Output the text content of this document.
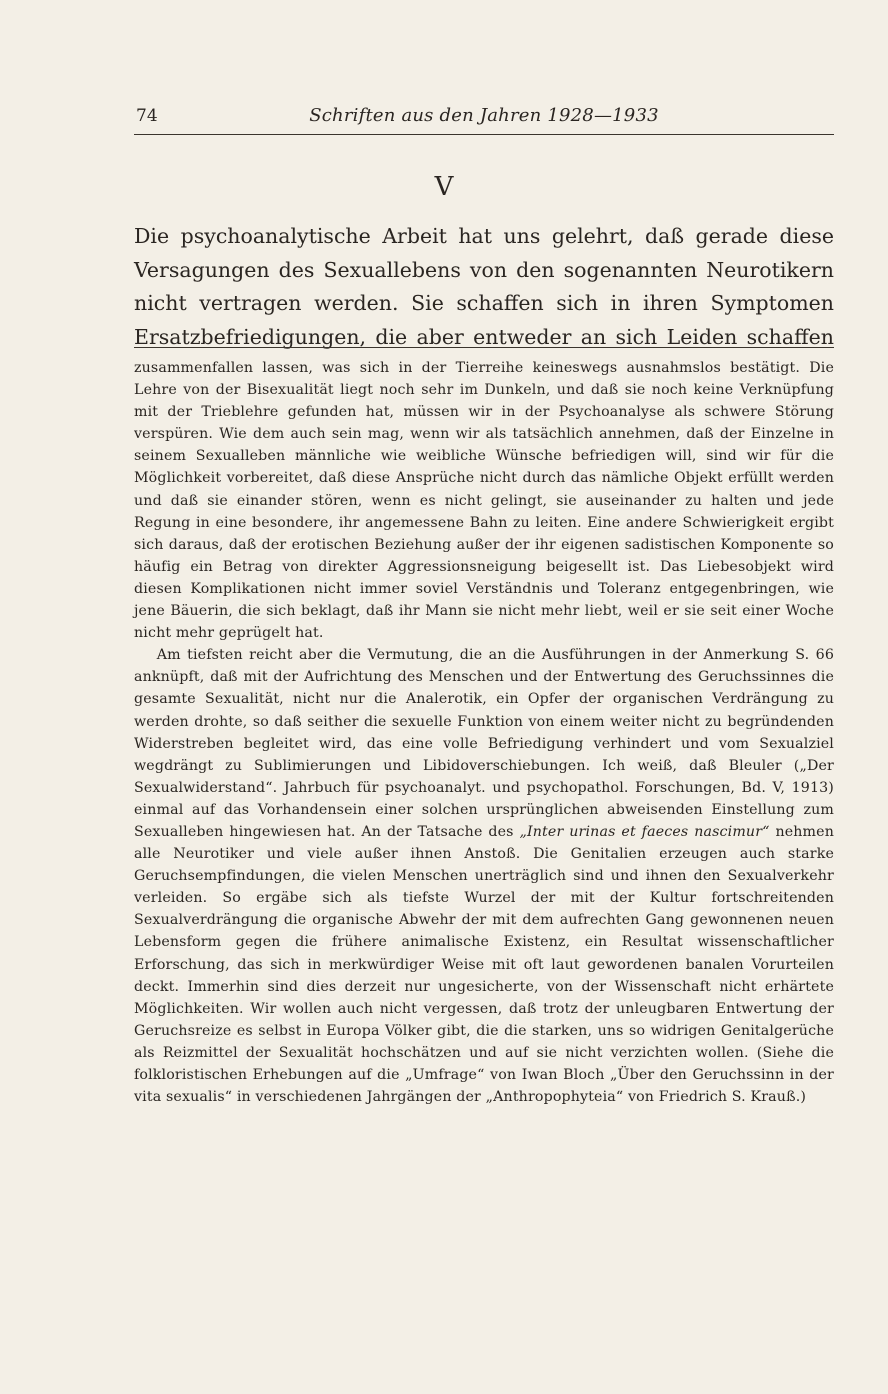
74	Schriften aus den Jahren 1928—1933
V

Die psychoanalytische Arbeit hat uns gelehrt, daß gerade diese Versagungen des Sexuallebens von den sogenannten Neurotikern nicht vertragen werden. Sie schaffen sich in ihren Symptomen Ersatzbefriedigungen, die aber entweder an sich Leiden schaffen

zusammenfallen lassen, was sich in der Tierreihe keineswegs ausnahmslos bestätigt. Die Lehre von der Bisexualität liegt noch sehr im Dunkeln, und daß sie noch keine Verknüpfung mit der Trieblehre gefunden hat, müssen wir in der Psychoanalyse als schwere Störung verspüren. Wie dem auch sein mag, wenn wir als tatsächlich annehmen, daß der Einzelne in seinem Sexualleben männliche wie weibliche Wünsche befriedigen will, sind wir für die Möglichkeit vorbereitet, daß diese Ansprüche nicht durch das nämliche Objekt erfüllt werden und daß sie einander stören, wenn es nicht gelingt, sie auseinander zu halten und jede Regung in eine besondere, ihr angemessene Bahn zu leiten. Eine andere Schwierigkeit ergibt sich daraus, daß der erotischen Beziehung außer der ihr eigenen sadistischen Komponente so häufig ein Betrag von direkter Aggressionsneigung beigesellt ist. Das Liebesobjekt wird diesen Komplikationen nicht immer soviel Verständnis und Toleranz entgegenbringen, wie jene Bäuerin, die sich beklagt, daß ihr Mann sie nicht mehr liebt, weil er sie seit einer Woche nicht mehr geprügelt hat.

Am tiefsten reicht aber die Vermutung, die an die Ausführungen in der Anmerkung S. 66 anknüpft, daß mit der Aufrichtung des Menschen und der Entwertung des Geruchssinnes die gesamte Sexualität, nicht nur die Analerotik, ein Opfer der organischen Verdrängung zu werden drohte, so daß seither die sexuelle Funktion von einem weiter nicht zu begründenden Widerstreben begleitet wird, das eine volle Befriedigung verhindert und vom Sexualziel wegdrängt zu Sublimierungen und Libidoverschiebungen. Ich weiß, daß Bleuler („Der Sexualwiderstand“. Jahrbuch für psychoanalyt. und psychopathol. Forschungen, Bd. V, 1913) einmal auf das Vorhandensein einer solchen ursprünglichen abweisenden Einstellung zum Sexualleben hingewiesen hat. An der Tatsache des „Inter urinas et faeces nascimur“ nehmen alle Neurotiker und viele außer ihnen Anstoß. Die Genitalien erzeugen auch starke Geruchsempfindungen, die vielen Menschen unerträglich sind und ihnen den Sexualverkehr verleiden. So ergäbe sich als tiefste Wurzel der mit der Kultur fortschreitenden Sexualverdrängung die organische Abwehr der mit dem aufrechten Gang gewonnenen neuen Lebensform gegen die frühere animalische Existenz, ein Resultat wissenschaftlicher Erforschung, das sich in merkwürdiger Weise mit oft laut gewordenen banalen Vorurteilen deckt. Immerhin sind dies derzeit nur ungesicherte, von der Wissenschaft nicht erhärtete Möglichkeiten. Wir wollen auch nicht vergessen, daß trotz der unleugbaren Entwertung der Geruchsreize es selbst in Europa Völker gibt, die die starken, uns so widrigen Genitalgerüche als Reizmittel der Sexualität hochschätzen und auf sie nicht verzichten wollen. (Siehe die folkloristischen Erhebungen auf die „Umfrage“ von Iwan Bloch „Über den Geruchssinn in der vita sexualis“ in verschiedenen Jahrgängen der „Anthropophyteia“ von Friedrich S. Krauß.)
